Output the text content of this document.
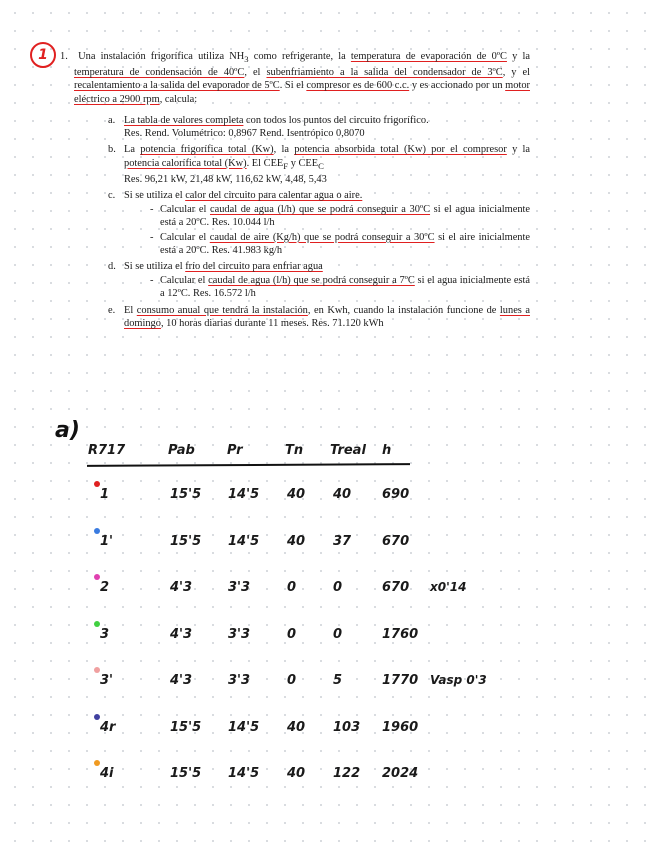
1	1. Una instalación frigorífica utiliza $NH_3$ como refrigerante, la temperatura de evaporación de 0ºC y la temperatura de condensación de 40ºC, el subenfriamiento a la salida del condensador de 3ºC, y el recalentamiento a la salida del evaporador de 5ºC. Si el compresor es de 600 c.c. y es accionado por un motor eléctrico a 2900 rpm, calcula:

a. La tabla de valores completa con todos los puntos del circuito frigorífico.
Res. Rend. Volumétrico: 0,8967 Rend. Isentrópico 0,8070
b. La potencia frigorífica total (Kw), la potencia absorbida total (Kw) por el compresor y la potencia calorífica total (Kw). El $CEE_F$ y $CEE_C$
Res. 96,21 kW, 21,48 kW, 116,62 kW, 4,48, 5,43
c. Si se utiliza el calor del circuito para calentar agua o aire.
- Calcular el caudal de agua (l/h) que se podrá conseguir a 30ºC si el agua inicialmente está a 20ºC. Res. 10.044 l/h
- Calcular el caudal de aire (Kg/h) que se podrá conseguir a 30ºC si el aire inicialmente está a 20ºC. Res. 41.983 kg/h
d. Si se utiliza el frío del circuito para enfriar agua
- Calcular el caudal de agua (l/h) que se podrá conseguir a 7ºC si el agua inicialmente está a 12ºC. Res. 16.572 l/h
e. El consumo anual que tendrá la instalación, en Kwh, cuando la instalación funcione de lunes a domingo, 10 horas diarias durante 11 meses. Res. 71.120 kWh
a)
R717	Pab Pr	Tn Treal h
1	15'5 14'5 40 40 690
1'	15'5 14'5 40 37 670
2	4'3	3'3	0	0	670 x0'14
3	4'3	3'3	0	0	1760
3'	4'3	3'3	0	5	1770 Vasp 0'3
4r	15'5 14'5 40 103 1960
4i	15'5 14'5 40 122 2024
